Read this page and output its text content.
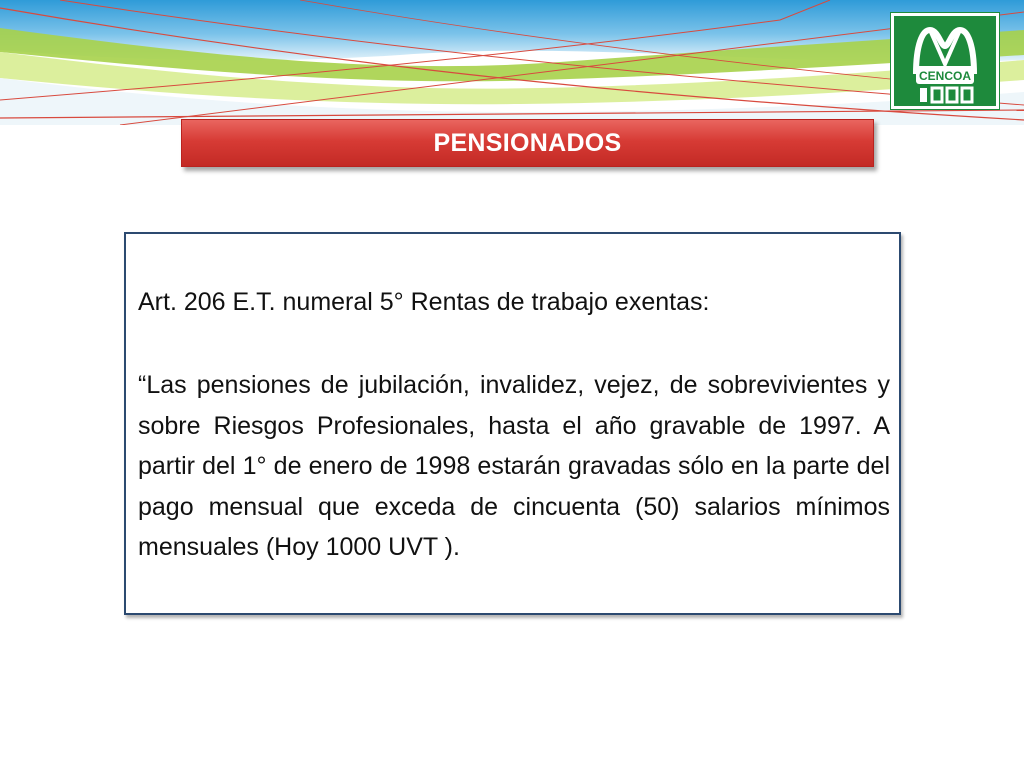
CENCOA
PENSIONADOS
Art. 206 E.T. numeral 5° Rentas de trabajo exentas:

“Las pensiones de jubilación, invalidez, vejez, de sobrevivientes y sobre Riesgos Profesionales, hasta el año gravable de 1997. A partir del 1° de enero de 1998 estarán gravadas sólo en la parte del pago mensual que exceda de cincuenta (50) salarios mínimos mensuales (Hoy 1000 UVT ).
